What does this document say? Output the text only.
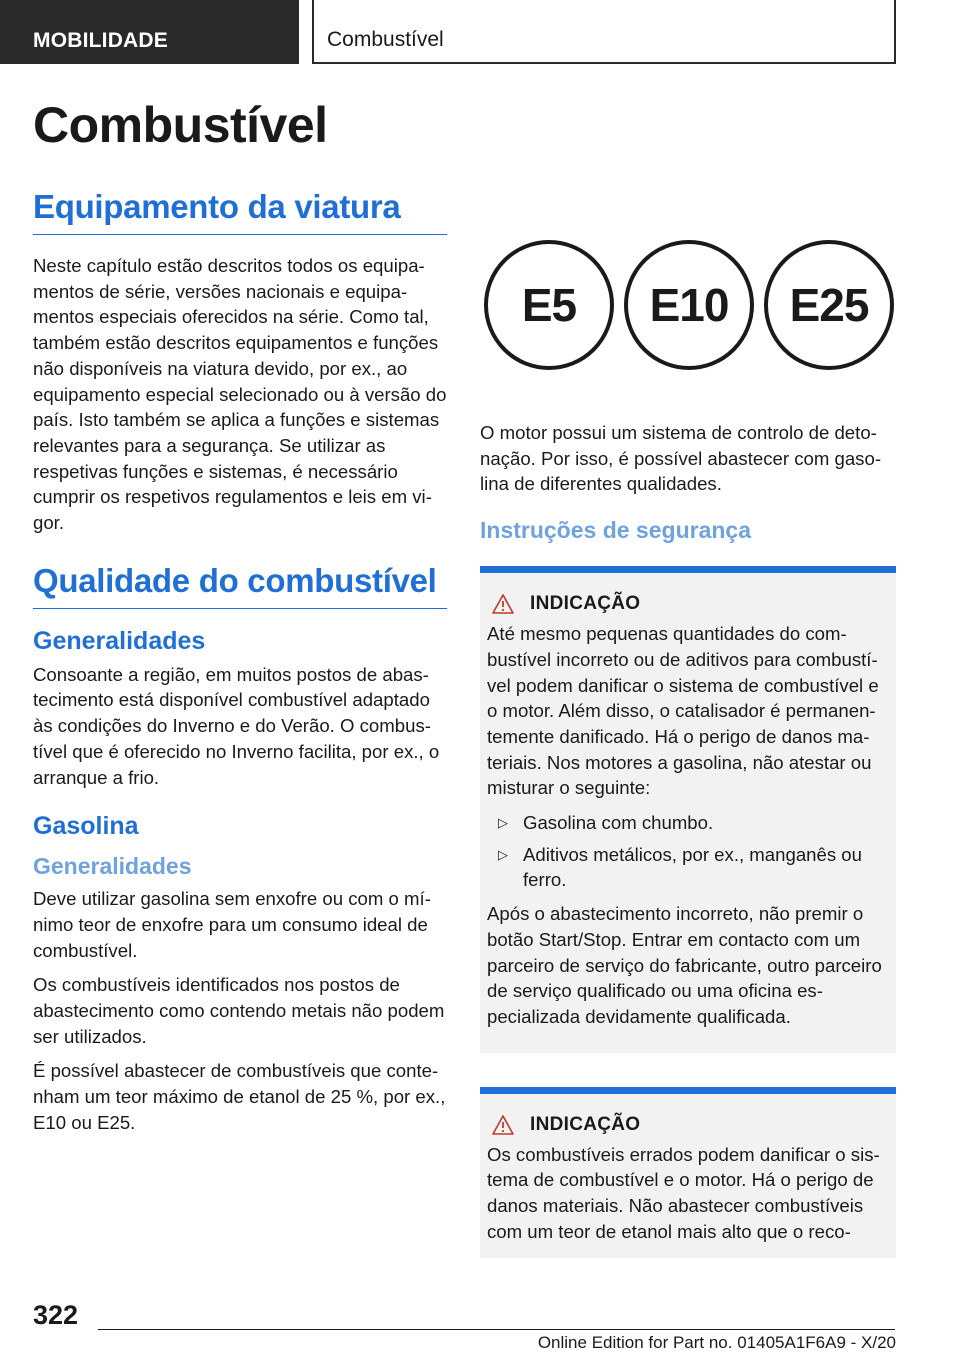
MOBILIDADE	Combustível
Combustível
Equipamento da viatura

Neste capítulo estão descritos todos os equipamentos de série, versões nacionais e equipamentos especiais oferecidos na série. Como tal, também estão descritos equipamentos e funções não disponíveis na viatura devido, por ex., ao equipamento especial selecionado ou à versão do país. Isto também se aplica a funções e sistemas relevantes para a segurança. Se utilizar as respetivas funções e sistemas, é necessário cumprir os respetivos regulamentos e leis em vigor.

Qualidade do combustível
Generalidades

Consoante a região, em muitos postos de abastecimento está disponível combustível adaptado às condições do Inverno e do Verão. O combustível que é oferecido no Inverno facilita, por ex., o arranque a frio.

Gasolina
Generalidades

Deve utilizar gasolina sem enxofre ou com o mínimo teor de enxofre para um consumo ideal de combustível.

Os combustíveis identificados nos postos de abastecimento como contendo metais não podem ser utilizados.

É possível abastecer de combustíveis que contenham um teor máximo de etanol de 25 %, por ex., E10 ou E25.

E5	E10	E25

O motor possui um sistema de controlo de detonação. Por isso, é possível abastecer com gasolina de diferentes qualidades.

Instruções de segurança
INDICAÇÃO

Até mesmo pequenas quantidades do combustível incorreto ou de aditivos para combustível podem danificar o sistema de combustível e o motor. Além disso, o catalisador é permanentemente danificado. Há o perigo de danos materiais. Nos motores a gasolina, não atestar ou misturar o seguinte:

▷ Gasolina com chumbo.
▷ Aditivos metálicos, por ex., manganês ou ferro.

Após o abastecimento incorreto, não premir o botão Start/Stop. Entrar em contacto com um parceiro de serviço do fabricante, outro parceiro de serviço qualificado ou uma oficina especializada devidamente qualificada.

INDICAÇÃO

Os combustíveis errados podem danificar o sistema de combustível e o motor. Há o perigo de danos materiais. Não abastecer combustíveis com um teor de etanol mais alto que o reco-

322
Online Edition for Part no. 01405A1F6A9 - X/20
